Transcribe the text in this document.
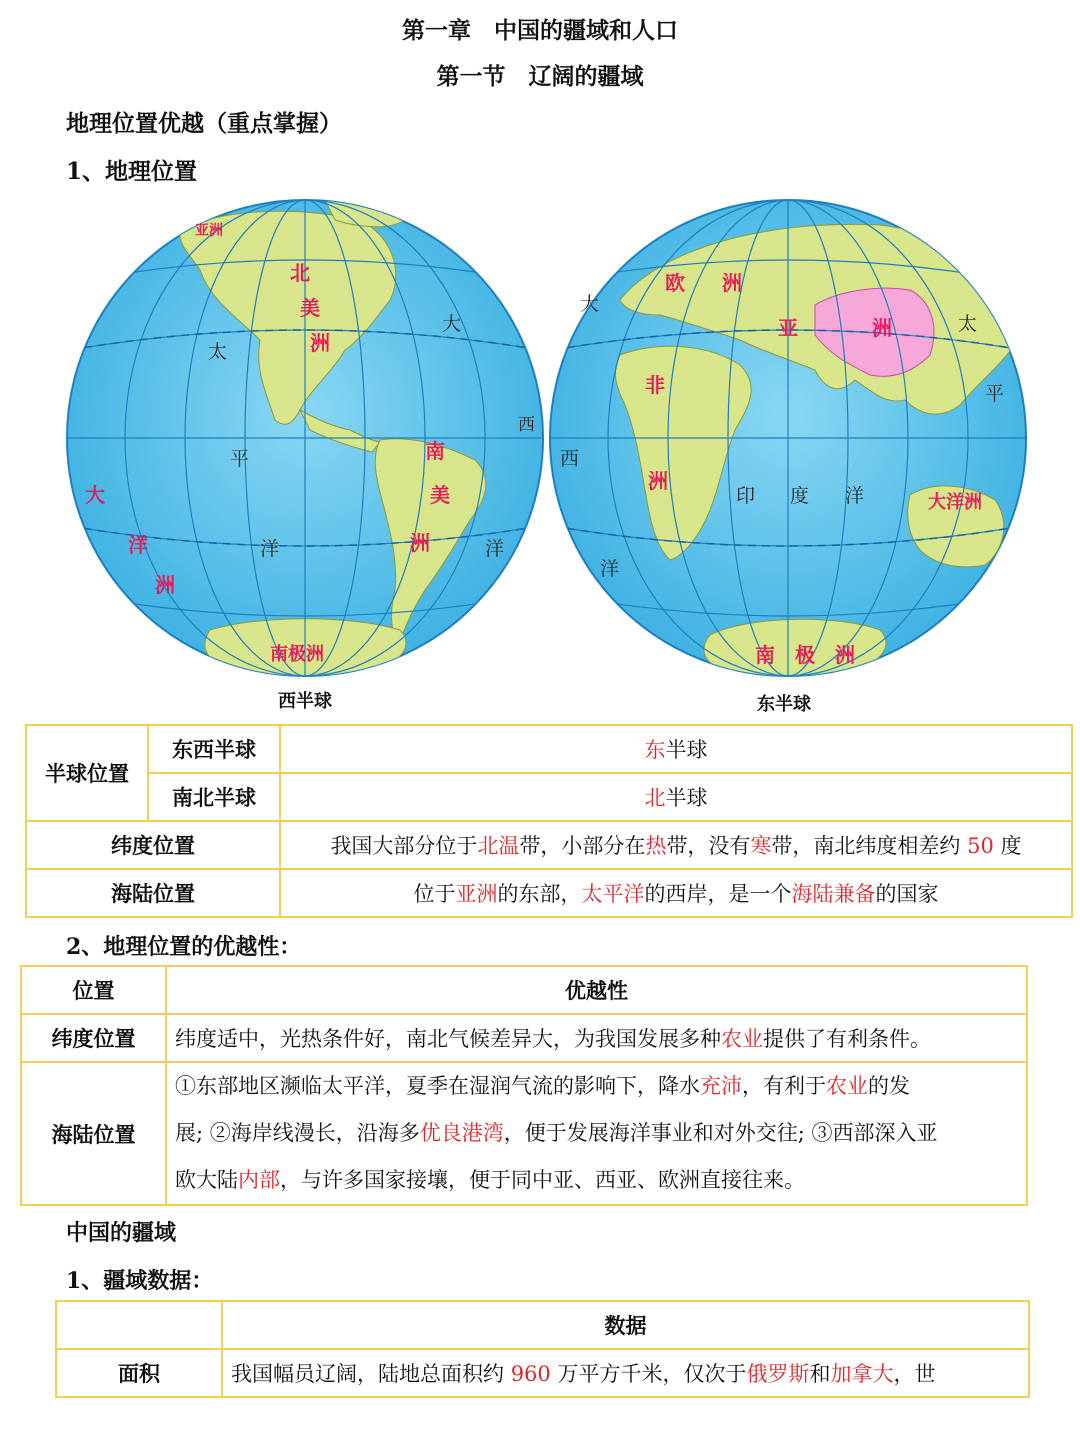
第一章　中国的疆域和人口
第一节　辽阔的疆域
地理位置优越（重点掌握）
1、地理位置
亚洲
北
美
洲
南
美
洲
大
洋
洲
南极洲
太
平
洋
大
西
洋
欧 洲
亚	洲
非
洲
大洋洲
南 极 洲
印 度 洋
太
平
大
西
洋
西半球	东半球
半球位置	东西半球	东半球
	南北半球	北半球
纬度位置		我国大部分位于北温带，小部分在热带，没有寒带，南北纬度相差约 50 度
海陆位置		位于亚洲的东部，太平洋的西岸，是一个海陆兼备的国家
2、地理位置的优越性：
位置	优越性
纬度位置	纬度适中，光热条件好，南北气候差异大，为我国发展多种农业提供了有利条件。
海陆位置	①东部地区濒临太平洋，夏季在湿润气流的影响下，降水充沛，有利于农业的发
展; ②海岸线漫长，沿海多优良港湾，便于发展海洋事业和对外交往; ③西部深入亚
欧大陆内部，与许多国家接壤，便于同中亚、西亚、欧洲直接往来。
中国的疆域
1、疆域数据：
	数据
面积	我国幅员辽阔，陆地总面积约 960 万平方千米，仅次于俄罗斯和加拿大，世
